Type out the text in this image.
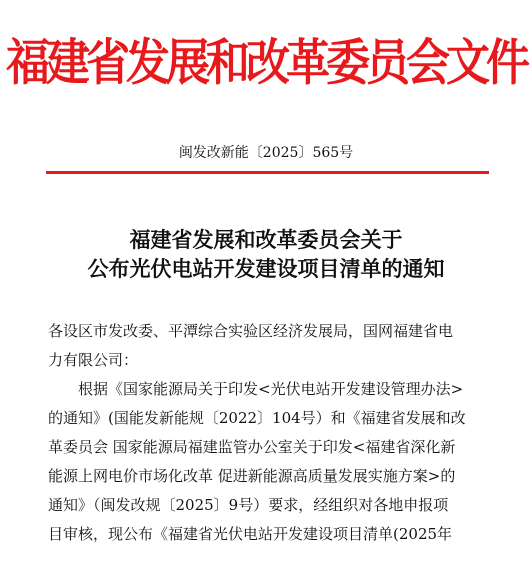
福建省发展和改革委员会文件
闽发改新能〔2025〕565号
福建省发展和改革委员会关于
公布光伏电站开发建设项目清单的通知
各设区市发改委、平潭综合实验区经济发展局，国网福建省电
力有限公司：
根据《国家能源局关于印发<光伏电站开发建设管理办法>
的通知》(国能发新能规〔2022〕104号）和《福建省发展和改
革委员会 国家能源局福建监管办公室关于印发<福建省深化新
能源上网电价市场化改革 促进新能源高质量发展实施方案>的
通知》（闽发改规〔2025〕9号）要求，经组织对各地申报项
目审核，现公布《福建省光伏电站开发建设项目清单(2025年
